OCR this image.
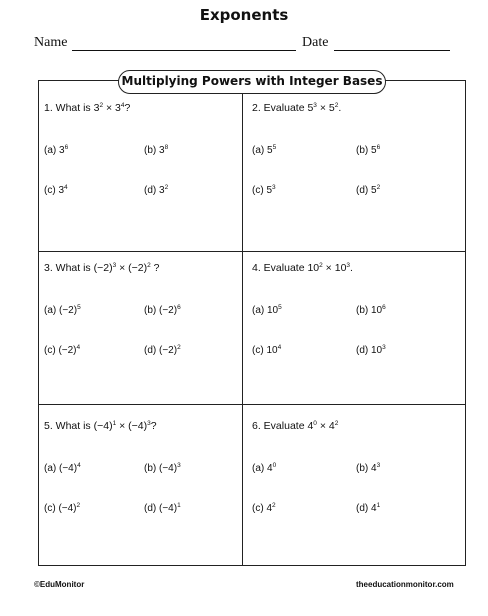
Exponents
Name	Date
Multiplying Powers with Integer Bases
1. What is $3^2 \times 3^4$?
(a) $3^6$	(b) $3^8$
(c) $3^4$	(d) $3^2$
2. Evaluate $5^3 \times 5^2$.
(a) $5^5$	(b) $5^6$
(c) $5^3$	(d) $5^2$
3. What is $(-2)^3 \times (-2)^2$ ?
(a) $(-2)^5$	(b) $(-2)^6$
(c) $(-2)^4$	(d) $(-2)^2$
4. Evaluate $10^2 \times 10^3$.
(a) $10^5$	(b) $10^6$
(c) $10^4$	(d) $10^3$
5. What is $(-4)^1 \times (-4)^3$?
(a) $(-4)^4$	(b) $(-4)^3$
(c) $(-4)^2$	(d) $(-4)^1$
6. Evaluate $4^0 \times 4^2$
(a) $4^0$	(b) $4^3$
(c) $4^2$	(d) $4^1$
©EduMonitor	theeducationmonitor.com
